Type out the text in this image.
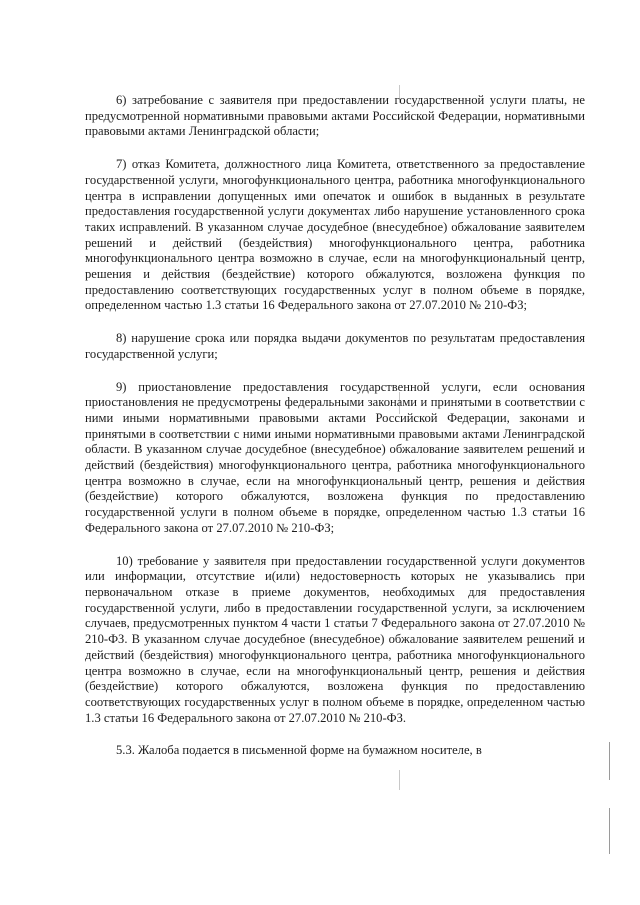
6) затребование с заявителя при предоставлении государственной услуги платы, не предусмотренной нормативными правовыми актами Российской Федерации, нормативными правовыми актами Ленинградской области;

7) отказ Комитета, должностного лица Комитета, ответственного за предоставление государственной услуги, многофункционального центра, работника многофункционального центра в исправлении допущенных ими опечаток и ошибок в выданных в результате предоставления государственной услуги документах либо нарушение установленного срока таких исправлений. В указанном случае досудебное (внесудебное) обжалование заявителем решений и действий (бездействия) многофункционального центра, работника многофункционального центра возможно в случае, если на многофункциональный центр, решения и действия (бездействие) которого обжалуются, возложена функция по предоставлению соответствующих государственных услуг в полном объеме в порядке, определенном частью 1.3 статьи 16 Федерального закона от 27.07.2010 № 210-ФЗ;

8) нарушение срока или порядка выдачи документов по результатам предоставления государственной услуги;

9) приостановление предоставления государственной услуги, если основания приостановления не предусмотрены федеральными законами и принятыми в соответствии с ними иными нормативными правовыми актами Российской Федерации, законами и принятыми в соответствии с ними иными нормативными правовыми актами Ленинградской области. В указанном случае досудебное (внесудебное) обжалование заявителем решений и действий (бездействия) многофункционального центра, работника многофункционального центра возможно в случае, если на многофункциональный центр, решения и действия (бездействие) которого обжалуются, возложена функция по предоставлению государственной услуги в полном объеме в порядке, определенном частью 1.3 статьи 16 Федерального закона от 27.07.2010 № 210-ФЗ;

10) требование у заявителя при предоставлении государственной услуги документов или информации, отсутствие и(или) недостоверность которых не указывались при первоначальном отказе в приеме документов, необходимых для предоставления государственной услуги, либо в предоставлении государственной услуги, за исключением случаев, предусмотренных пунктом 4 части 1 статьи 7 Федерального закона от 27.07.2010 № 210-ФЗ. В указанном случае досудебное (внесудебное) обжалование заявителем решений и действий (бездействия) многофункционального центра, работника многофункционального центра возможно в случае, если на многофункциональный центр, решения и действия (бездействие) которого обжалуются, возложена функция по предоставлению соответствующих государственных услуг в полном объеме в порядке, определенном частью 1.3 статьи 16 Федерального закона от 27.07.2010 № 210-ФЗ.

5.3. Жалоба подается в письменной форме на бумажном носителе, в
